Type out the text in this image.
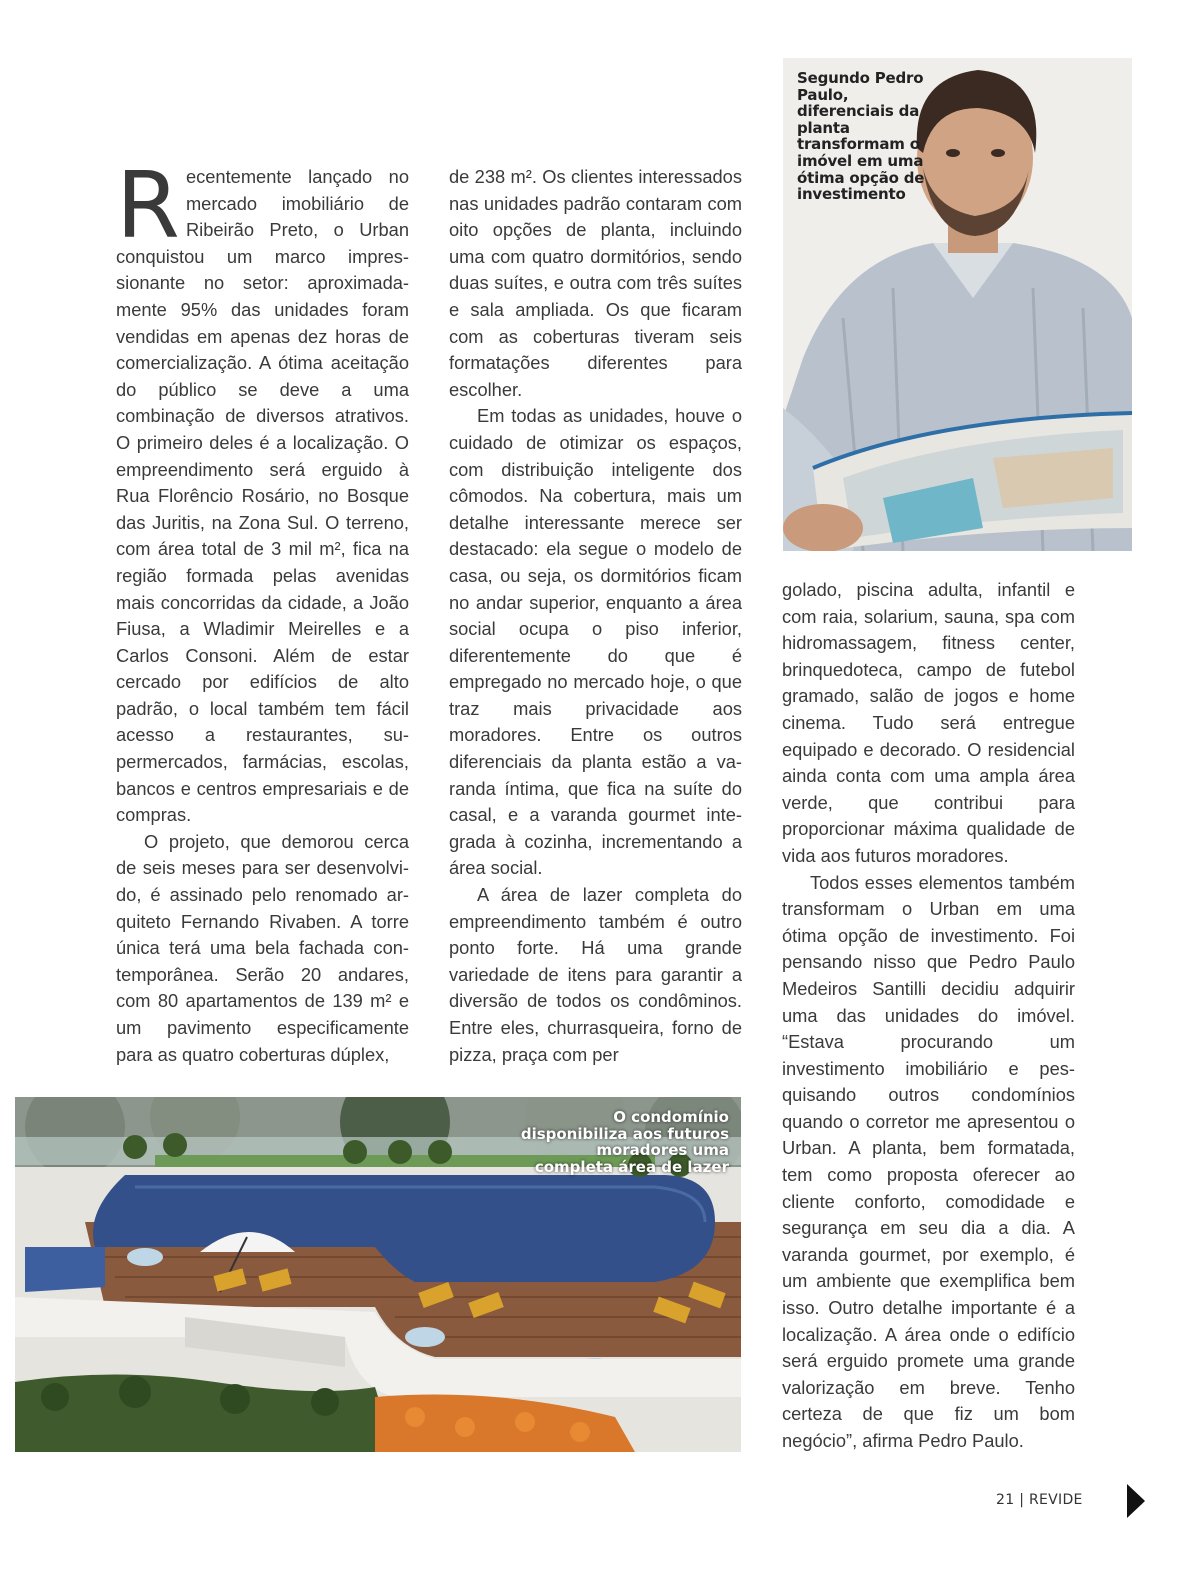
Recentemente lançado no mercado imobiliário de Ribeirão Preto, o Urban conquistou um marco impressionante no setor: aproximadamente 95% das unidades foram vendidas em apenas dez horas de comercialização. A ótima aceitação do público se deve a uma combinação de diversos atrativos. O primeiro deles é a localização. O empreendimento será erguido à Rua Florêncio Rosário, no Bosque das Juritis, na Zona Sul. O terreno, com área total de 3 mil m², fica na região formada pelas avenidas mais concorridas da cidade, a João Fiusa, a Wladimir Meirelles e a Carlos Consoni. Além de estar cercado por edifícios de alto padrão, o local também tem fácil acesso a restaurantes, supermercados, farmácias, escolas, bancos e centros empresariais e de compras.

O projeto, que demorou cerca de seis meses para ser desenvolvido, é assinado pelo renomado arquiteto Fernando Rivaben. A torre única terá uma bela fachada contemporânea. Serão 20 andares, com 80 apartamentos de 139 m² e um pavimento especificamente para as quatro coberturas dúplex,

de 238 m². Os clientes interessados nas unidades padrão contaram com oito opções de planta, incluindo uma com quatro dormitórios, sendo duas suítes, e outra com três suítes e sala ampliada. Os que ficaram com as coberturas tiveram seis formatações diferentes para escolher.

Em todas as unidades, houve o cuidado de otimizar os espaços, com distribuição inteligente dos cômodos. Na cobertura, mais um detalhe interessante merece ser destacado: ela segue o modelo de casa, ou seja, os dormitórios ficam no andar superior, enquanto a área social ocupa o piso inferior, diferentemente do que é empregado no mercado hoje, o que traz mais privacidade aos moradores. Entre os outros diferenciais da planta estão a varanda íntima, que fica na suíte do casal, e a varanda gourmet integrada à cozinha, incrementando a área social.

A área de lazer completa do empreendimento também é outro ponto forte. Há uma grande variedade de itens para garantir a diversão de todos os condôminos. Entre eles, churrasqueira, forno de pizza, praça com per

golado, piscina adulta, infantil e com raia, solarium, sauna, spa com hidromassagem, fitness center, brinquedoteca, campo de futebol gramado, salão de jogos e home cinema. Tudo será entregue equipado e decorado. O residencial ainda conta com uma ampla área verde, que contribui para proporcionar máxima qualidade de vida aos futuros moradores.

Todos esses elementos também transformam o Urban em uma ótima opção de investimento. Foi pensando nisso que Pedro Paulo Medeiros Santilli decidiu adquirir uma das unidades do imóvel. “Estava procurando um investimento imobiliário e pesquisando outros condomínios quando o corretor me apresentou o Urban. A planta, bem formatada, tem como proposta oferecer ao cliente conforto, comodidade e segurança em seu dia a dia. A varanda gourmet, por exemplo, é um ambiente que exemplifica bem isso. Outro detalhe importante é a localização. A área onde o edifício será erguido promete uma grande valorização em breve. Tenho certeza de que fiz um bom negócio”, afirma Pedro Paulo.

Segundo Pedro Paulo, diferenciais da planta transformam o imóvel em uma ótima opção de investimento
O condomínio disponibiliza aos futuros moradores uma completa área de lazer
21 | REVIDE
